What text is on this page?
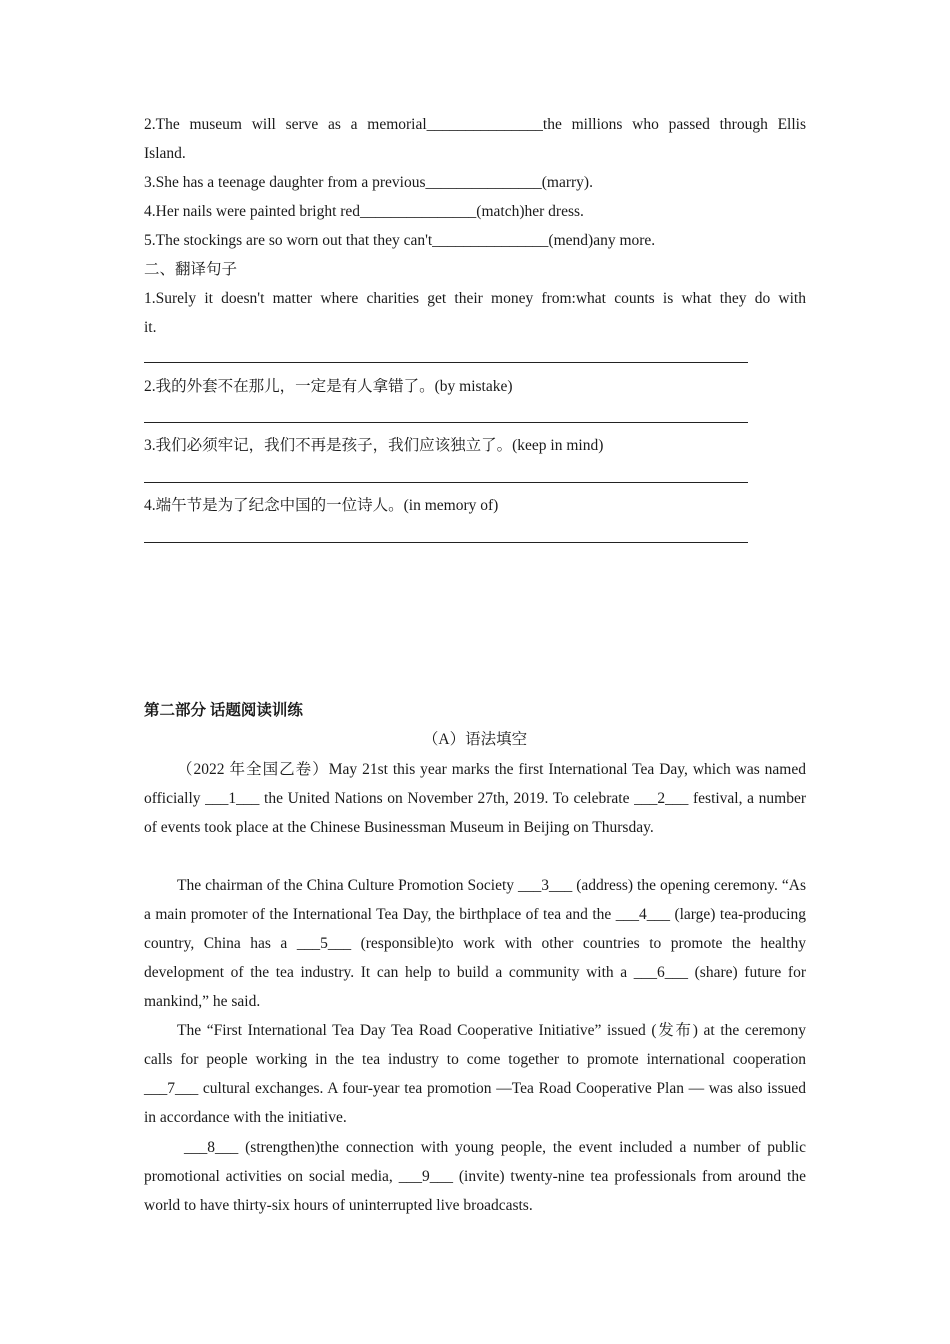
2.The museum will serve as a memorial_______________the millions who passed through Ellis
Island.
3.She has a teenage daughter from a previous_______________(marry).
4.Her nails were painted bright red_______________(match)her dress.
5.The stockings are so worn out that they can't_______________(mend)any more.
二、翻译句子
1.Surely it doesn't matter where charities get their money from:what counts is what they do with
it.
2.我的外套不在那儿，一定是有人拿错了。(by mistake)
3.我们必须牢记，我们不再是孩子，我们应该独立了。(keep in mind)
4.端午节是为了纪念中国的一位诗人。(in memory of)
第二部分 话题阅读训练
（A）语法填空
（2022 年全国乙卷）May 21st this year marks the first International Tea Day, which was named officially ___1___ the United Nations on November 27th, 2019. To celebrate ___2___ festival, a number of events took place at the Chinese Businessman Museum in Beijing on Thursday.
The chairman of the China Culture Promotion Society ___3___ (address) the opening ceremony. “As a main promoter of the International Tea Day, the birthplace of tea and the ___4___ (large) tea-producing country, China has a ___5___ (responsible)to work with other countries to promote the healthy development of the tea industry. It can help to build a community with a ___6___ (share) future for mankind,” he said.
The “First International Tea Day Tea Road Cooperative Initiative” issued (发布) at the ceremony calls for people working in the tea industry to come together to promote international cooperation ___7___ cultural exchanges. A four-year tea promotion —Tea Road Cooperative Plan — was also issued in accordance with the initiative.
___8___ (strengthen)the connection with young people, the event included a number of public promotional activities on social media, ___9___ (invite) twenty-nine tea professionals from around the world to have thirty-six hours of uninterrupted live broadcasts.
